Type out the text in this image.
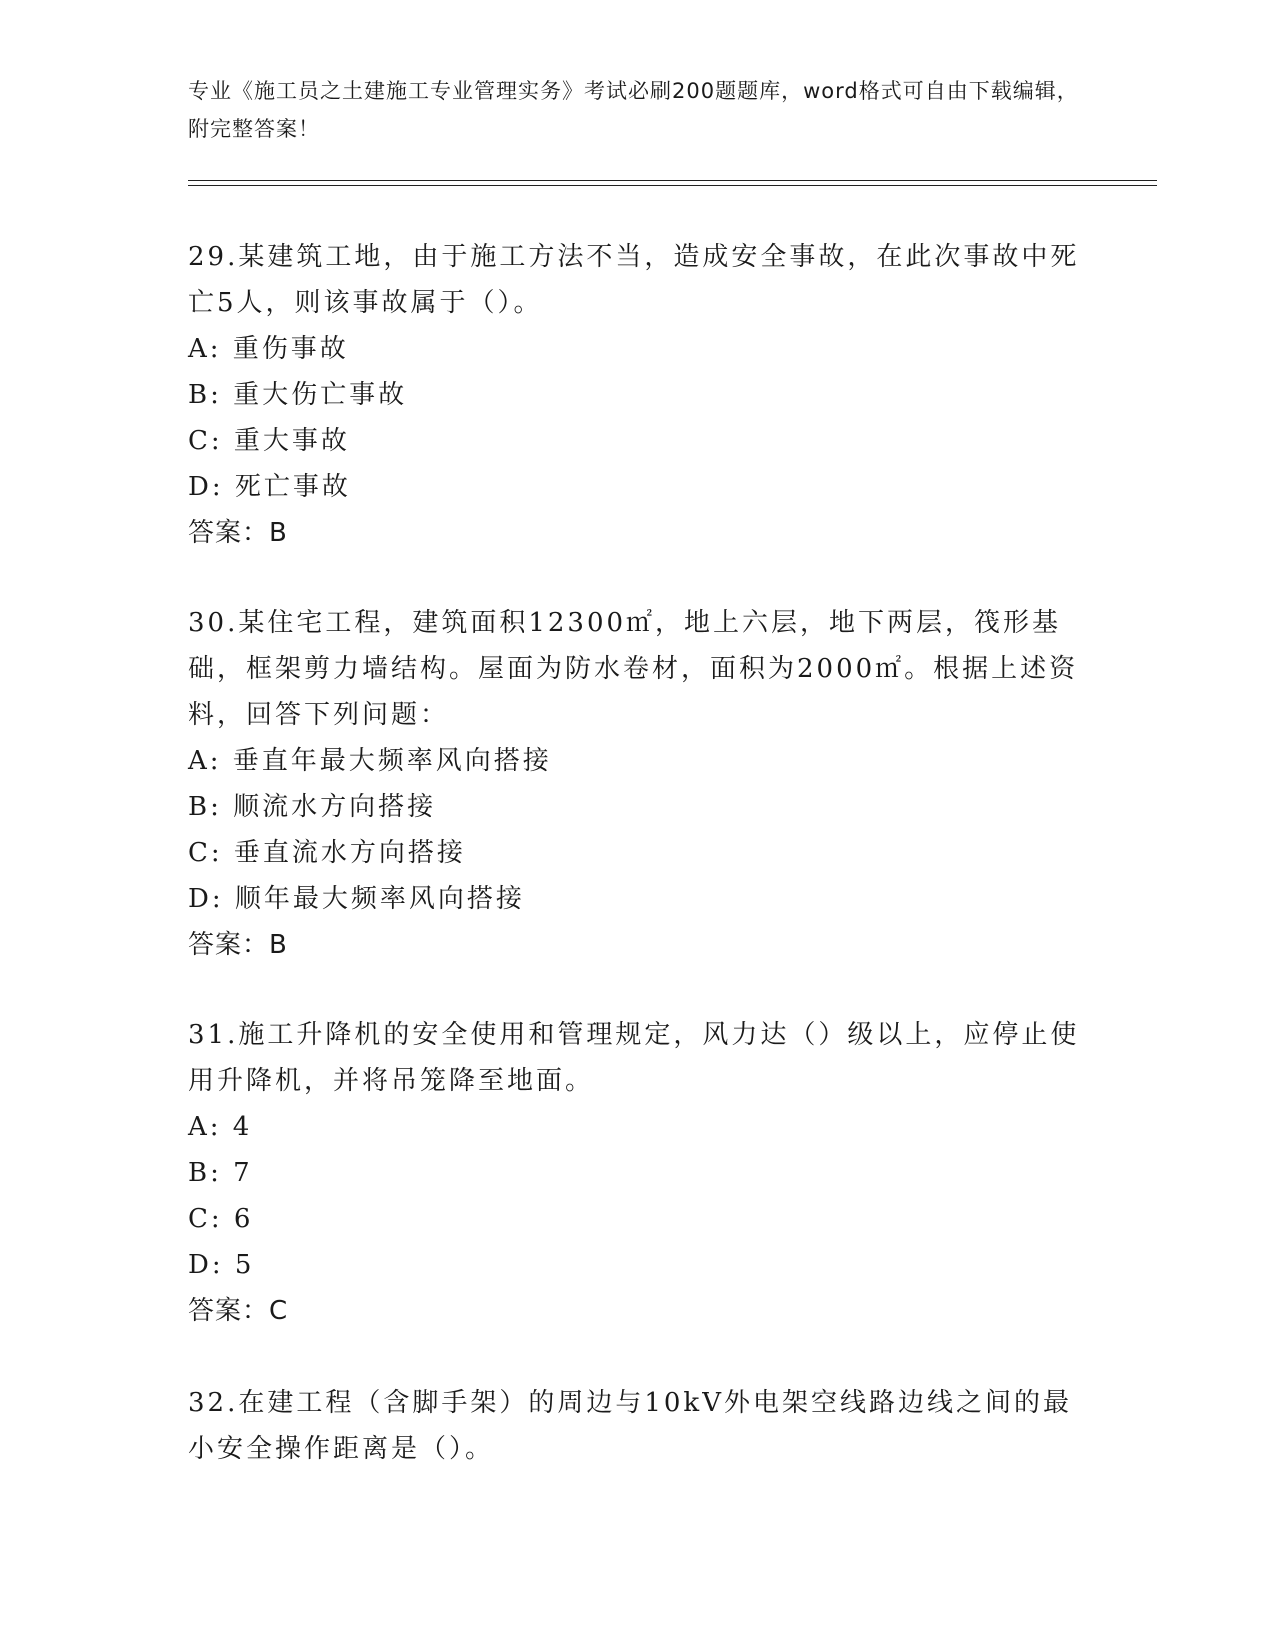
专业《施工员之土建施工专业管理实务》考试必刷200题题库，word格式可自由下载编辑，附完整答案！

29.某建筑工地，由于施工方法不当，造成安全事故，在此次事故中死亡5人，则该事故属于（）。

A: 重伤事故

B: 重大伤亡事故

C: 重大事故

D: 死亡事故

答案：B

30.某住宅工程，建筑面积12300㎡，地上六层，地下两层，筏形基础，框架剪力墙结构。屋面为防水卷材，面积为2000㎡。根据上述资料，回答下列问题：

A: 垂直年最大频率风向搭接

B: 顺流水方向搭接

C: 垂直流水方向搭接

D: 顺年最大频率风向搭接

答案：B

31.施工升降机的安全使用和管理规定，风力达（）级以上，应停止使用升降机，并将吊笼降至地面。

A: 4

B: 7

C: 6

D: 5

答案：C

32.在建工程（含脚手架）的周边与10kV外电架空线路边线之间的最小安全操作距离是（）。
